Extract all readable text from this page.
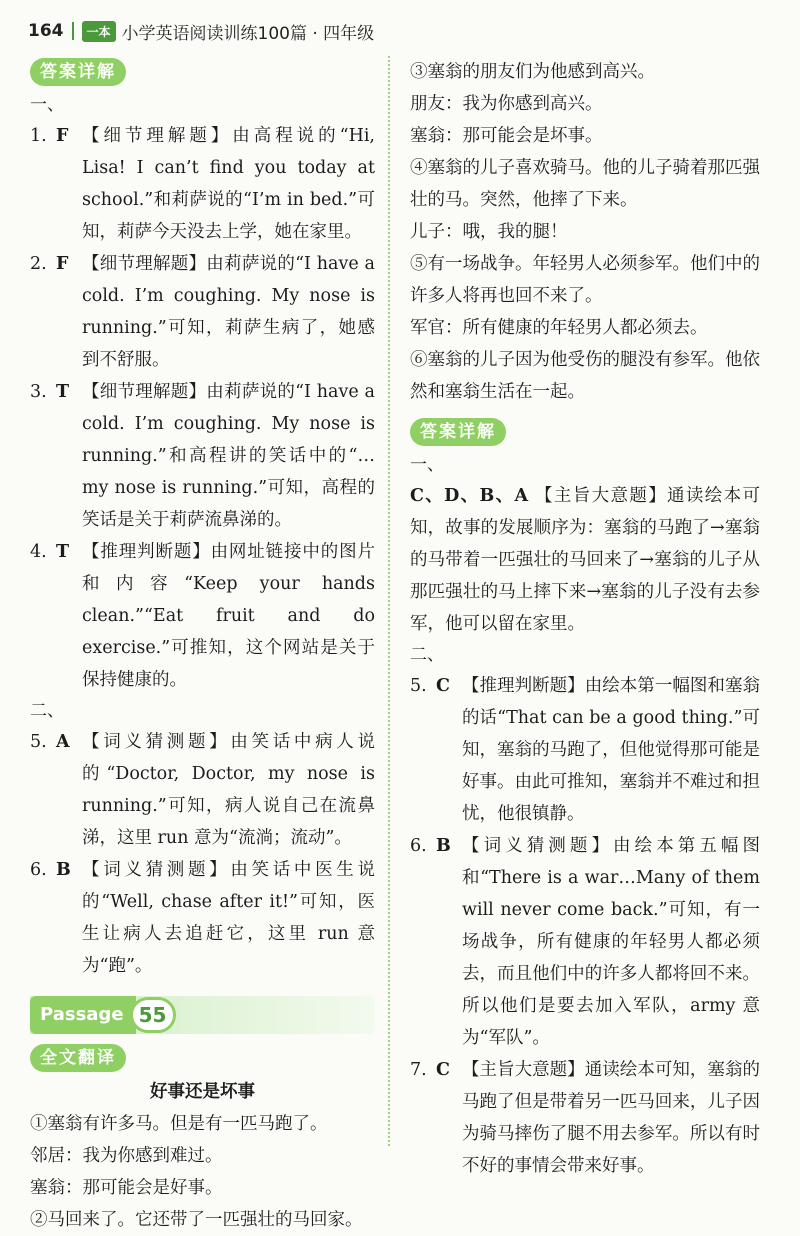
164	一本 小学英语阅读训练100篇 · 四年级
答案详解
一、
1. F 【细节理解题】由高程说的“Hi, Lisa! I can’t find you today at school.”和莉萨说的“I’m in bed.”可知，莉萨今天没去上学，她在家里。
2. F 【细节理解题】由莉萨说的“I have a cold. I’m coughing. My nose is running.”可知，莉萨生病了，她感到不舒服。
3. T 【细节理解题】由莉萨说的“I have a cold. I’m coughing. My nose is running.”和高程讲的笑话中的“… my nose is running.”可知，高程的笑话是关于莉萨流鼻涕的。
4. T 【推理判断题】由网址链接中的图片和内容“Keep your hands clean.”“Eat fruit and do exercise.”可推知，这个网站是关于保持健康的。
二、
5. A 【词义猜测题】由笑话中病人说的“Doctor, Doctor, my nose is running.”可知，病人说自己在流鼻涕，这里 run 意为“流淌；流动”。
6. B 【词义猜测题】由笑话中医生说的“Well, chase after it!”可知，医生让病人去追赶它，这里 run 意为“跑”。
Passage 55
全文翻译
好事还是坏事
①塞翁有许多马。但是有一匹马跑了。
邻居：我为你感到难过。
塞翁：那可能会是好事。
②马回来了。它还带了一匹强壮的马回家。
③塞翁的朋友们为他感到高兴。
朋友：我为你感到高兴。
塞翁：那可能会是坏事。
④塞翁的儿子喜欢骑马。他的儿子骑着那匹强壮的马。突然，他摔了下来。
儿子：哦，我的腿！
⑤有一场战争。年轻男人必须参军。他们中的许多人将再也回不来了。
军官：所有健康的年轻男人都必须去。
⑥塞翁的儿子因为他受伤的腿没有参军。他依然和塞翁生活在一起。
答案详解
一、
C、D、B、A 【主旨大意题】通读绘本可知，故事的发展顺序为：塞翁的马跑了→塞翁的马带着一匹强壮的马回来了→塞翁的儿子从那匹强壮的马上摔下来→塞翁的儿子没有去参军，他可以留在家里。
二、
5. C 【推理判断题】由绘本第一幅图和塞翁的话“That can be a good thing.”可知，塞翁的马跑了，但他觉得那可能是好事。由此可推知，塞翁并不难过和担忧，他很镇静。
6. B 【词义猜测题】由绘本第五幅图和“There is a war…Many of them will never come back.”可知，有一场战争，所有健康的年轻男人都必须去，而且他们中的许多人都将回不来。所以他们是要去加入军队，army 意为“军队”。
7. C 【主旨大意题】通读绘本可知，塞翁的马跑了但是带着另一匹马回来，儿子因为骑马摔伤了腿不用去参军。所以有时不好的事情会带来好事。
